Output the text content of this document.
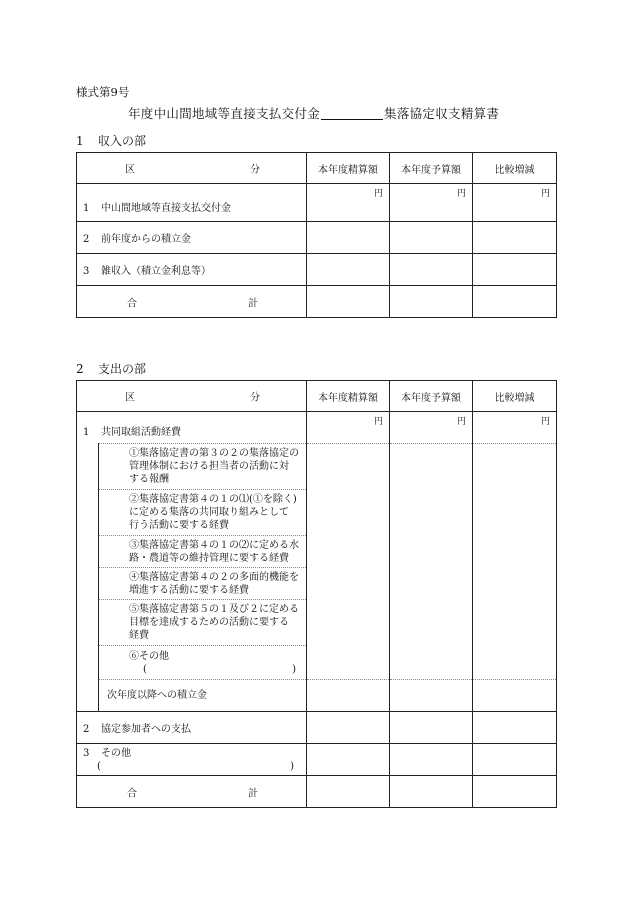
様式第9号
年度中山間地域等直接支払交付金	集落協定収支精算書
1 収入の部
区 分	本年度精算額	本年度予算額	比較増減
1 中山間地域等直接支払交付金	円	円	円
2 前年度からの積立金			
3 雑収入（積立金利息等）			

合 計			

2 支出の部
区 分		本年度精算額	本年度予算額	比較増減
1 共同取組活動経費		円	円	円

	①集落協定書の第３の２の集落協定の
管理体制における担当者の活動に対
する報酬			

	②集落協定書第４の１の⑴(①を除く)
に定める集落の共同取り組みとして
行う活動に要する経費			

	③集落協定書第４の１の⑵に定める水
路・農道等の維持管理に要する経費			

	④集落協定書第４の２の多面的機能を
増進する活動に要する経費			

	⑤集落協定書第５の１及び２に定める
目標を達成するための活動に要する
経費			

	⑥その他
( )			

	次年度以降への積立金			
2 協定参加者への支払				

3 その他
( )				

合 計				
